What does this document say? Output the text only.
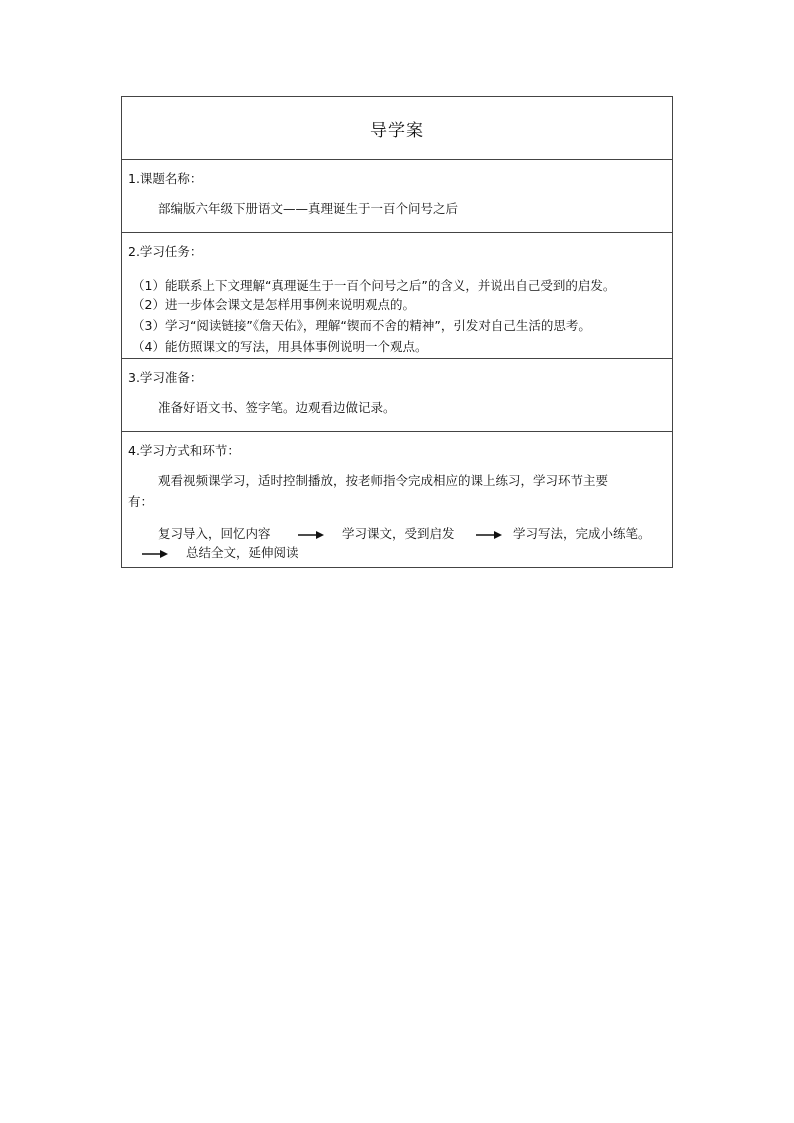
导学案
1.课题名称：
部编版六年级下册语文——真理诞生于一百个问号之后
2.学习任务：
（1）能联系上下文理解“真理诞生于一百个问号之后”的含义，并说出自己受到的启发。
（2）进一步体会课文是怎样用事例来说明观点的。
（3）学习“阅读链接”《詹天佑》，理解“锲而不舍的精神”，引发对自己生活的思考。
（4）能仿照课文的写法，用具体事例说明一个观点。
3.学习准备：
准备好语文书、签字笔。边观看边做记录。
4.学习方式和环节：
观看视频课学习，适时控制播放，按老师指令完成相应的课上练习，学习环节主要
有：
复习导入，回忆内容	学习课文，受到启发	学习写法，完成小练笔。
总结全文，延伸阅读
